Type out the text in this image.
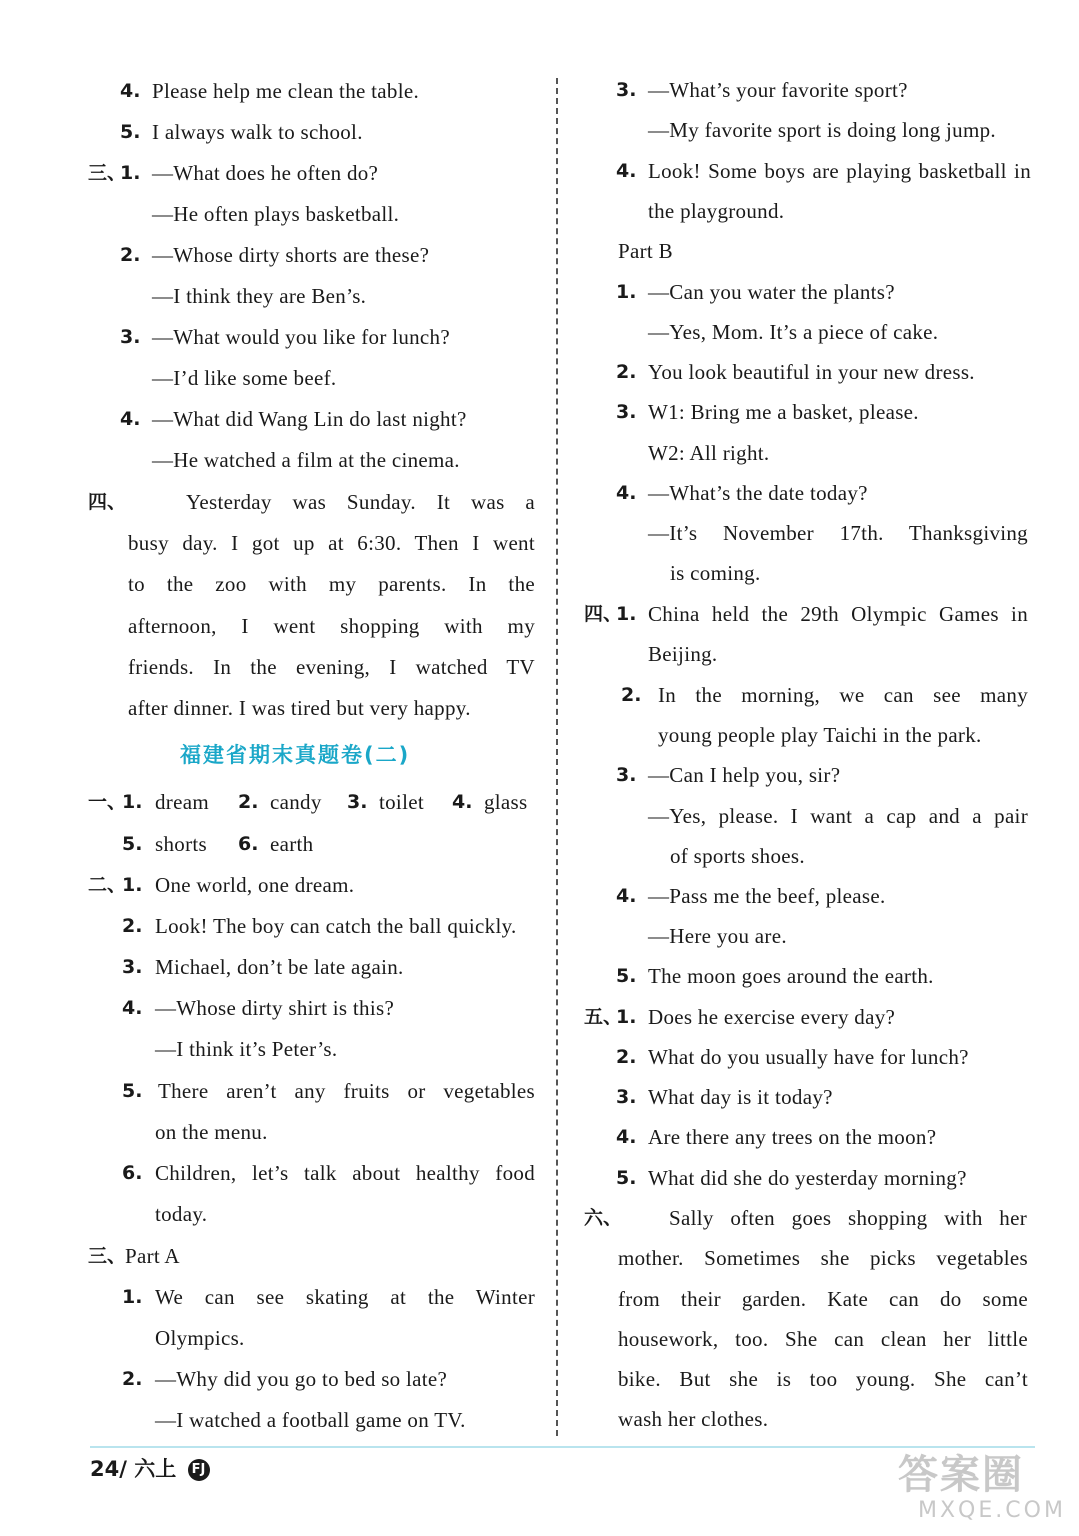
4. Please help me clean the table.
5. I always walk to school.
三、
1. —What does he often do?
—He often plays basketball.
2. —Whose dirty shorts are these?
—I think they are Ben’s.
3. —What would you like for lunch?
—I’d like some beef.
4. —What did Wang Lin do last night?
—He watched a film at the cinema.
四、	Yesterday was Sunday. It was a
busy day. I got up at 6:30. Then I went
to the zoo with my parents. In the
afternoon, I went shopping with my
friends. In the evening, I watched TV
after dinner. I was tired but very happy.
福建省期末真题卷(二)
一、
1. dream 2. candy 3. toilet 4. glass
5. shorts 6. earth
二、
1. One world, one dream.
2. Look! The boy can catch the ball quickly.
3. Michael, don’t be late again.
4. —Whose dirty shirt is this?
—I think it’s Peter’s.
5. There aren’t any fruits or vegetables
on the menu.
6. Children, let’s talk about healthy food
today.
三、
Part A
1. We can see skating at the Winter
Olympics.
2. —Why did you go to bed so late?
—I watched a football game on TV.
3. —What’s your favorite sport?
—My favorite sport is doing long jump.
4. Look! Some boys are playing basketball in
the playground.
Part B
1. —Can you water the plants?
—Yes, Mom. It’s a piece of cake.
2. You look beautiful in your new dress.
3. W1: Bring me a basket, please.
W2: All right.
4. —What’s the date today?
—It’s November 17th. Thanksgiving
is coming.
四、
1. China held the 29th Olympic Games in
Beijing.
2. In the morning, we can see many
young people play Taichi in the park.
3. —Can I help you, sir?
—Yes, please. I want a cap and a pair
of sports shoes.
4. —Pass me the beef, please.
—Here you are.
5. The moon goes around the earth.
五、
1. Does he exercise every day?
2. What do you usually have for lunch?
3. What day is it today?
4. Are there any trees on the moon?
5. What did she do yesterday morning?
六、 Sally often goes shopping with her
mother. Sometimes she picks vegetables
from their garden. Kate can do some
housework, too. She can clean her little
bike. But she is too young. She can’t
wash her clothes.
24/ 六上 FJ	答案圈
MXQE.COM
